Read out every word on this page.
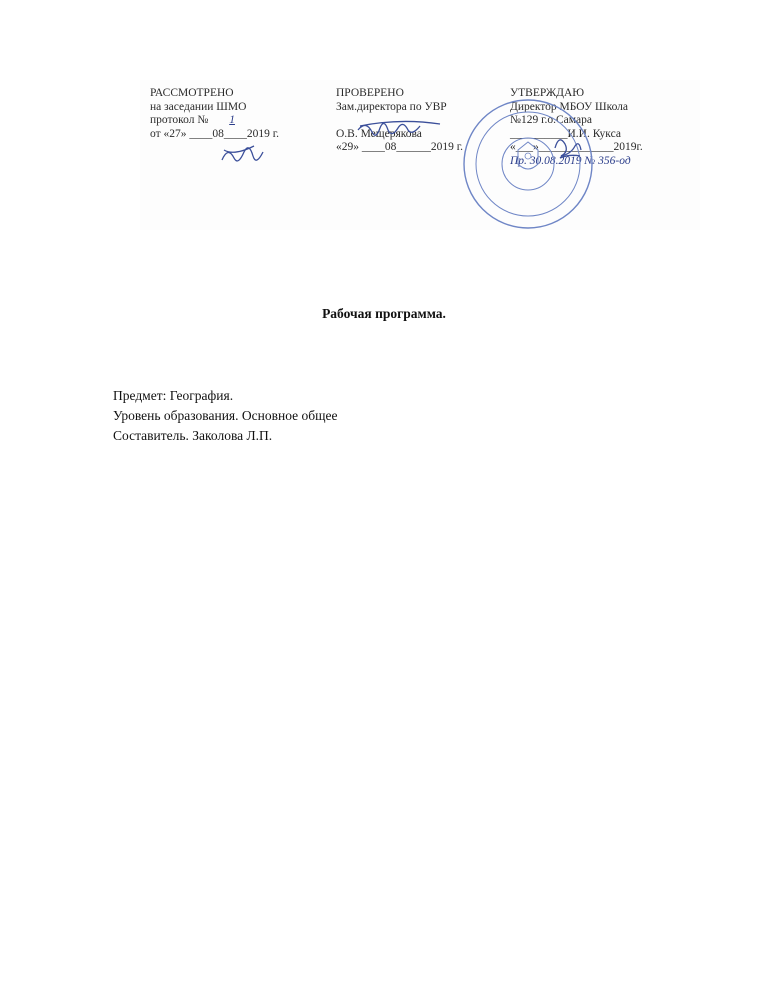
РАССМОТРЕНО
на заседании ШМО
протокол № 1
от «27» ____08____2019 г.
ПРОВЕРЕНО
Зам.директора по УВР
О.В. Мещерякова
«29» ____08______2019 г.
УТВЕРЖДАЮ
Директор МБОУ Школа
№129 г.о.Самара
__________И.И. Кукса
«___»_____________2019г.
Пр. 30.08.2019 № 356-од
Рабочая программа.
Предмет: География.
Уровень образования. Основное общее
Составитель. Заколова Л.П.
